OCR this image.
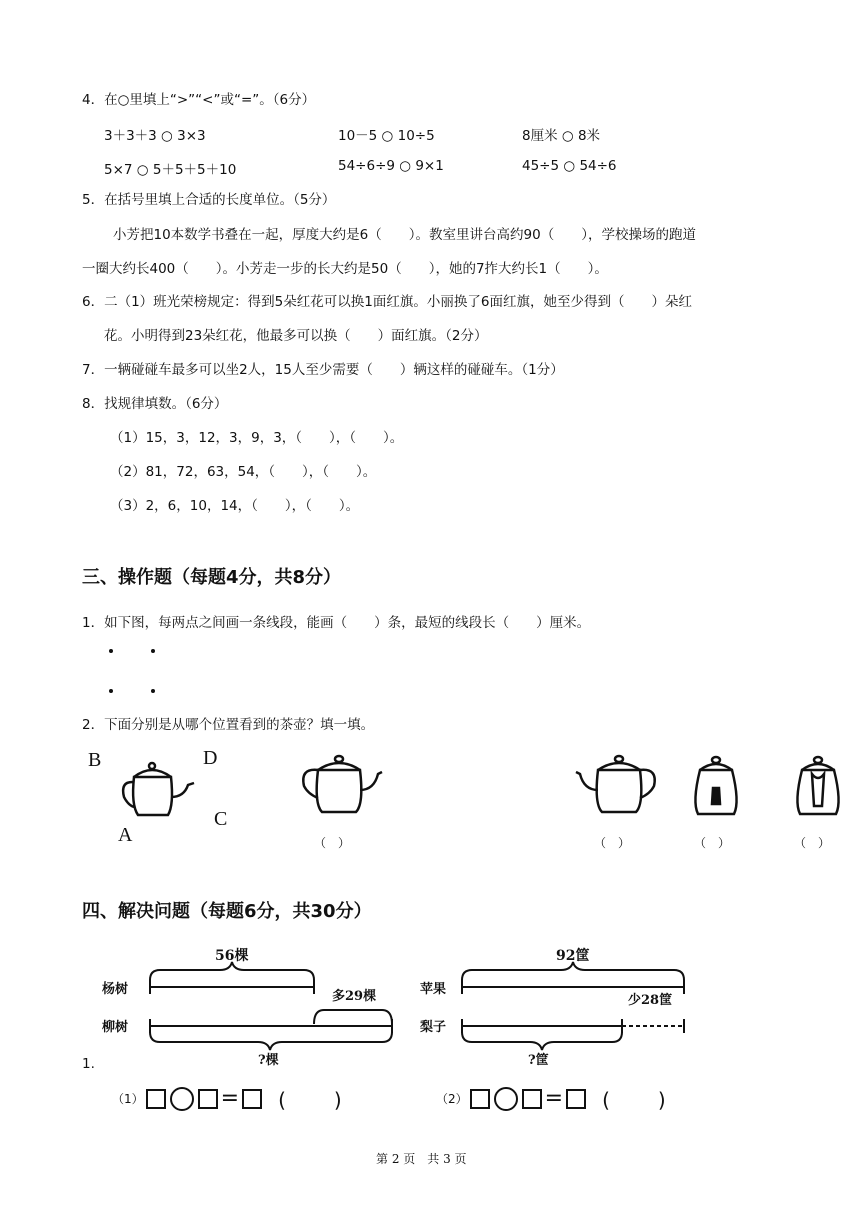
4．在○里填上“>”“<”或“=”。（6分）
3＋3＋3 ○ 3×3	10－5 ○ 10÷5	8厘米 ○ 8米
5×7 ○ 5＋5＋5＋10	54÷6÷9 ○ 9×1	45÷5 ○ 54÷6
5．在括号里填上合适的长度单位。（5分）
小芳把10本数学书叠在一起，厚度大约是6（　　）。教室里讲台高约90（　　），学校操场的跑道
一圈大约长400（　　）。小芳走一步的长大约是50（　　），她的7拃大约长1（　　）。
6．二（1）班光荣榜规定：得到5朵红花可以换1面红旗。小丽换了6面红旗，她至少得到（　　）朵红
花。小明得到23朵红花，他最多可以换（　　）面红旗。（2分）
7．一辆碰碰车最多可以坐2人，15人至少需要（　　）辆这样的碰碰车。（1分）
8．找规律填数。（6分）
（1）15，3，12，3，9，3，（　　），（　　）。
（2）81，72，63，54，（　　），（　　）。
（3）2，6，10，14，（　　），（　　）。
三、操作题（每题4分，共8分）
1．如下图，每两点之间画一条线段，能画（　　）条，最短的线段长（　　）厘米。
2．下面分别是从哪个位置看到的茶壶？填一填。
B	D
C
A	（　）	（　）	（　）	（　）
四、解决问题（每题6分，共30分）
56棵
杨树	多29棵
柳树
?棵
92筐
苹果
少28筐
梨子
?筐
1.
（1）	= (　)	（2）	= (　)
第 2 页　共 3 页
